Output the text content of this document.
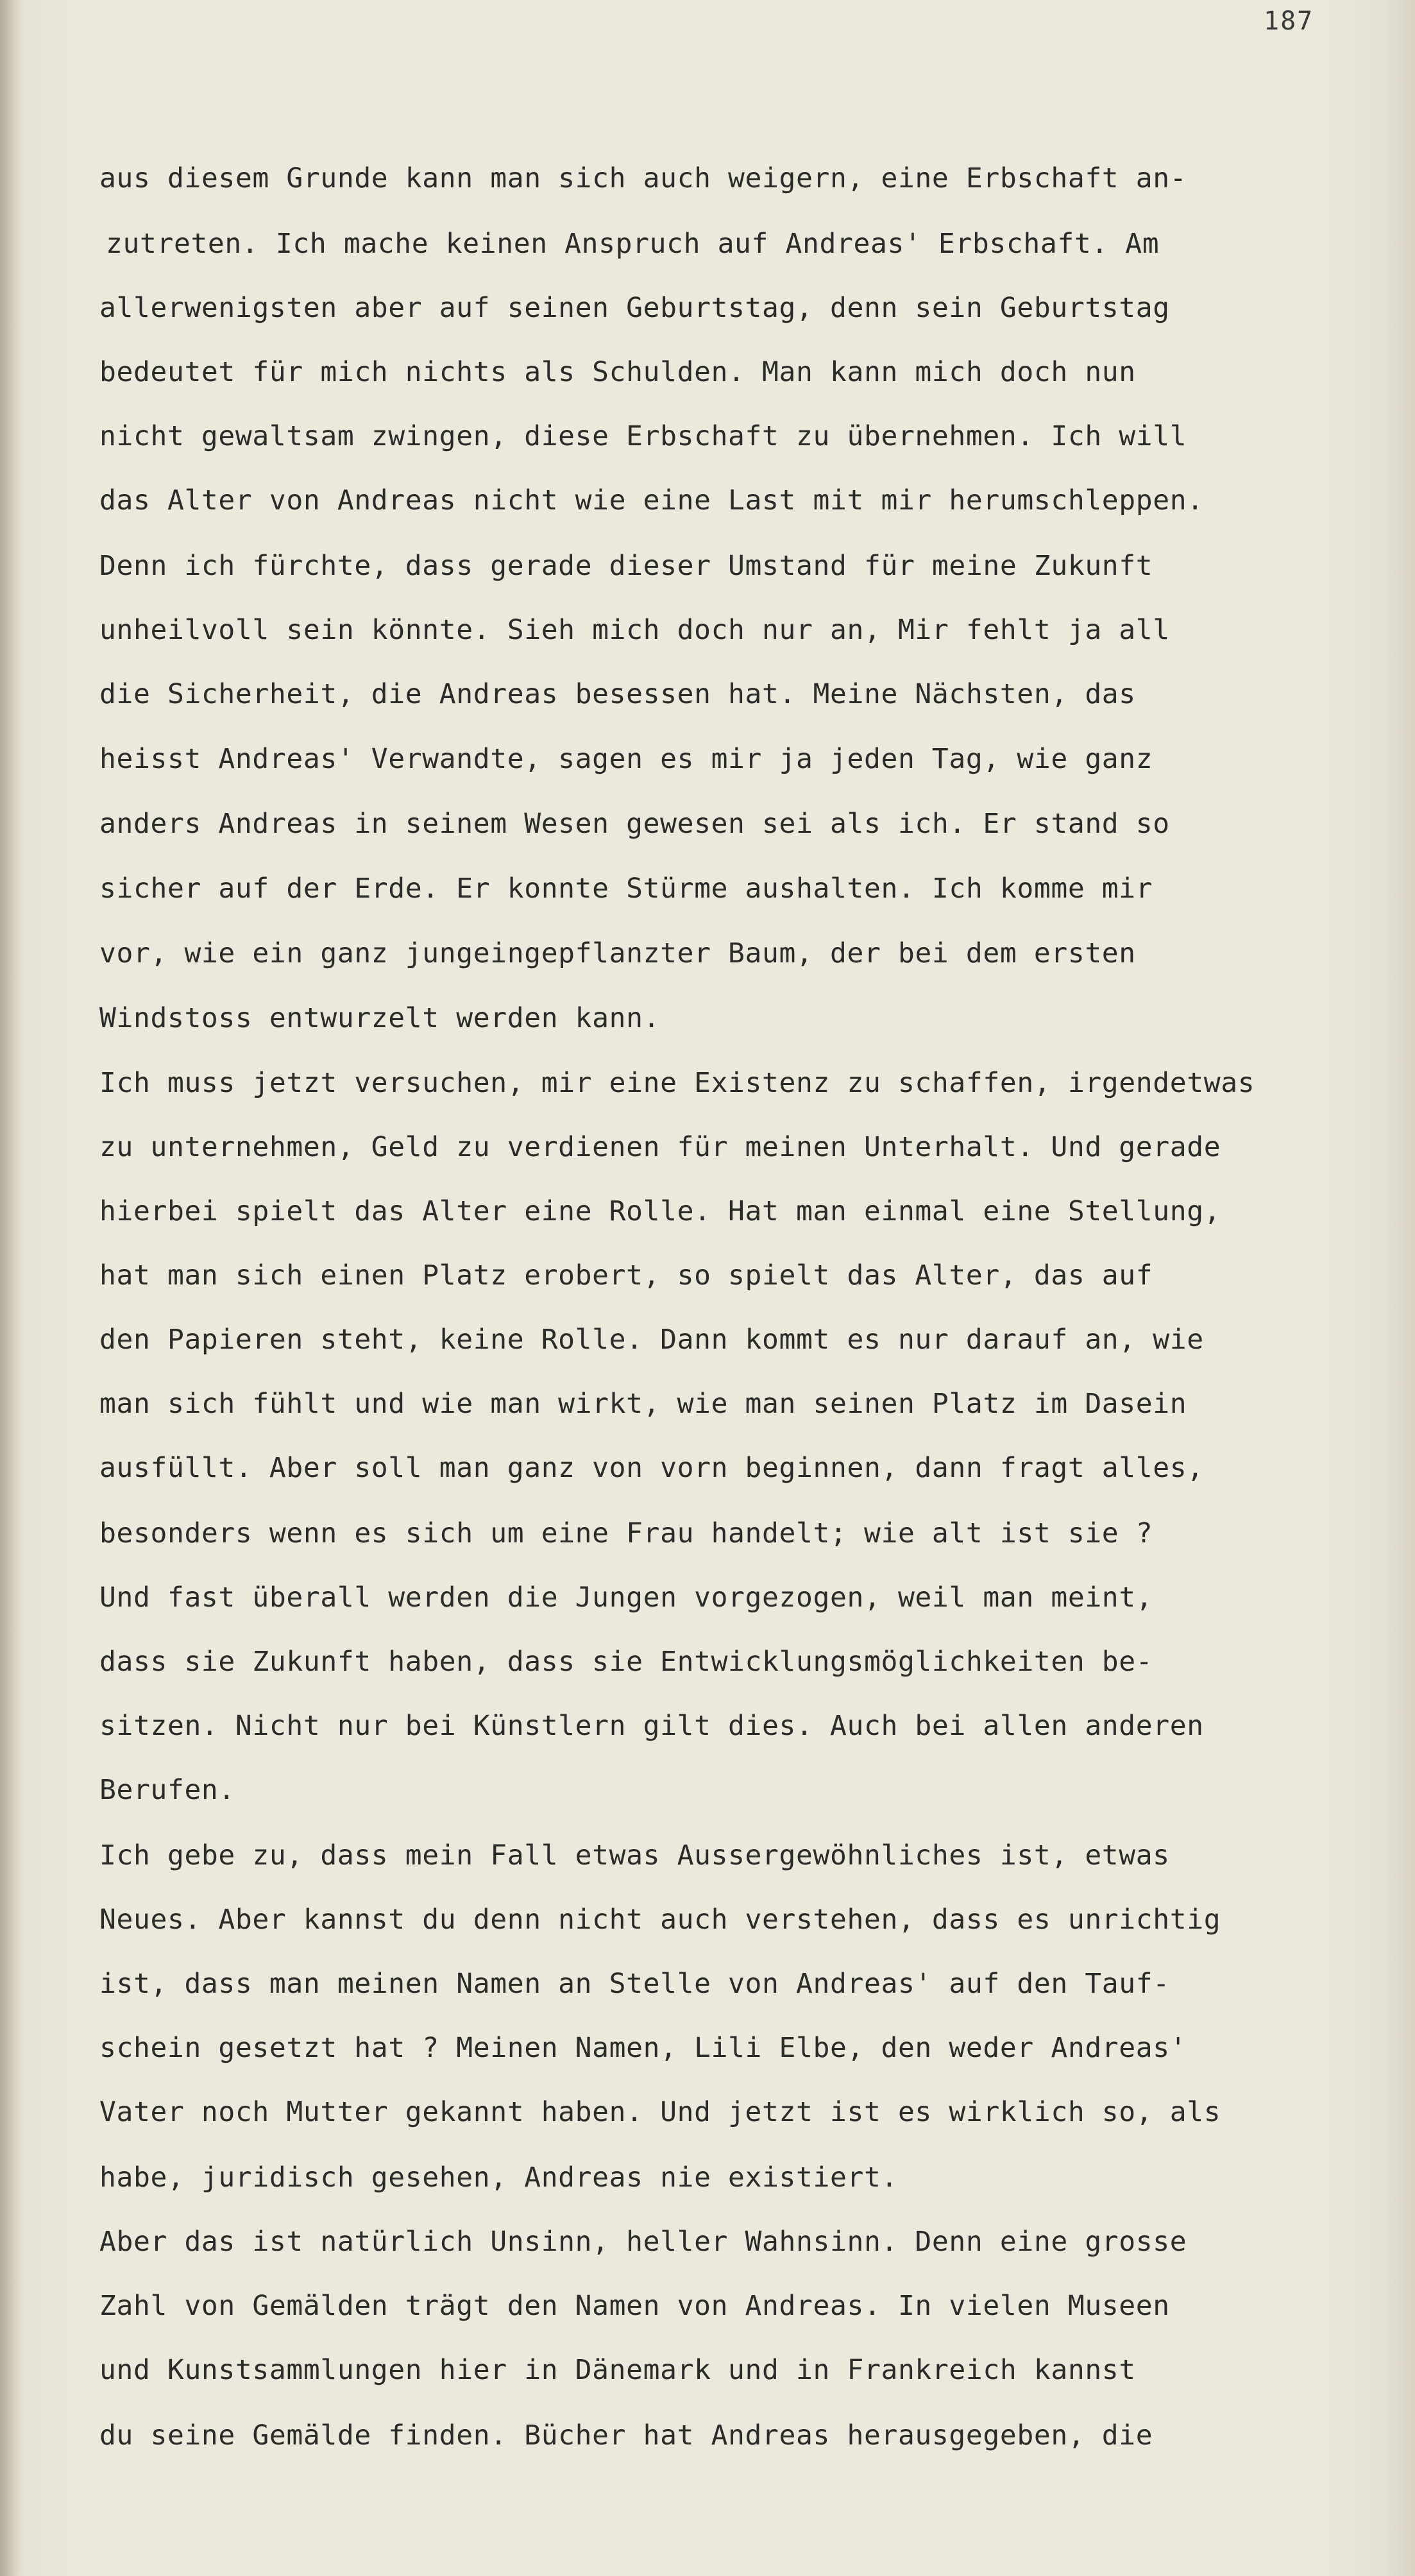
187

aus diesem Grunde kann man sich auch weigern, eine Erbschaft an-

zutreten. Ich mache keinen Anspruch auf Andreas' Erbschaft. Am

allerwenigsten aber auf seinen Geburtstag, denn sein Geburtstag

bedeutet für mich nichts als Schulden. Man kann mich doch nun

nicht gewaltsam zwingen, diese Erbschaft zu übernehmen. Ich will

das Alter von Andreas nicht wie eine Last mit mir herumschleppen.

Denn ich fürchte, dass gerade dieser Umstand für meine Zukunft

unheilvoll sein könnte. Sieh mich doch nur an, Mir fehlt ja all

die Sicherheit, die Andreas besessen hat. Meine Nächsten, das

heisst Andreas' Verwandte, sagen es mir ja jeden Tag, wie ganz

anders Andreas in seinem Wesen gewesen sei als ich. Er stand so

sicher auf der Erde. Er konnte Stürme aushalten. Ich komme mir

vor, wie ein ganz jungeingepflanzter Baum, der bei dem ersten

Windstoss entwurzelt werden kann.

Ich muss jetzt versuchen, mir eine Existenz zu schaffen, irgendetwas

zu unternehmen, Geld zu verdienen für meinen Unterhalt. Und gerade

hierbei spielt das Alter eine Rolle. Hat man einmal eine Stellung,

hat man sich einen Platz erobert, so spielt das Alter, das auf

den Papieren steht, keine Rolle. Dann kommt es nur darauf an, wie

man sich fühlt und wie man wirkt, wie man seinen Platz im Dasein

ausfüllt. Aber soll man ganz von vorn beginnen, dann fragt alles,

besonders wenn es sich um eine Frau handelt; wie alt ist sie ?

Und fast überall werden die Jungen vorgezogen, weil man meint,

dass sie Zukunft haben, dass sie Entwicklungsmöglichkeiten be-

sitzen. Nicht nur bei Künstlern gilt dies. Auch bei allen anderen

Berufen.

Ich gebe zu, dass mein Fall etwas Aussergewöhnliches ist, etwas

Neues. Aber kannst du denn nicht auch verstehen, dass es unrichtig

ist, dass man meinen Namen an Stelle von Andreas' auf den Tauf-

schein gesetzt hat ? Meinen Namen, Lili Elbe, den weder Andreas'

Vater noch Mutter gekannt haben. Und jetzt ist es wirklich so, als

habe, juridisch gesehen, Andreas nie existiert.

Aber das ist natürlich Unsinn, heller Wahnsinn. Denn eine grosse

Zahl von Gemälden trägt den Namen von Andreas. In vielen Museen

und Kunstsammlungen hier in Dänemark und in Frankreich kannst

du seine Gemälde finden. Bücher hat Andreas herausgegeben, die
